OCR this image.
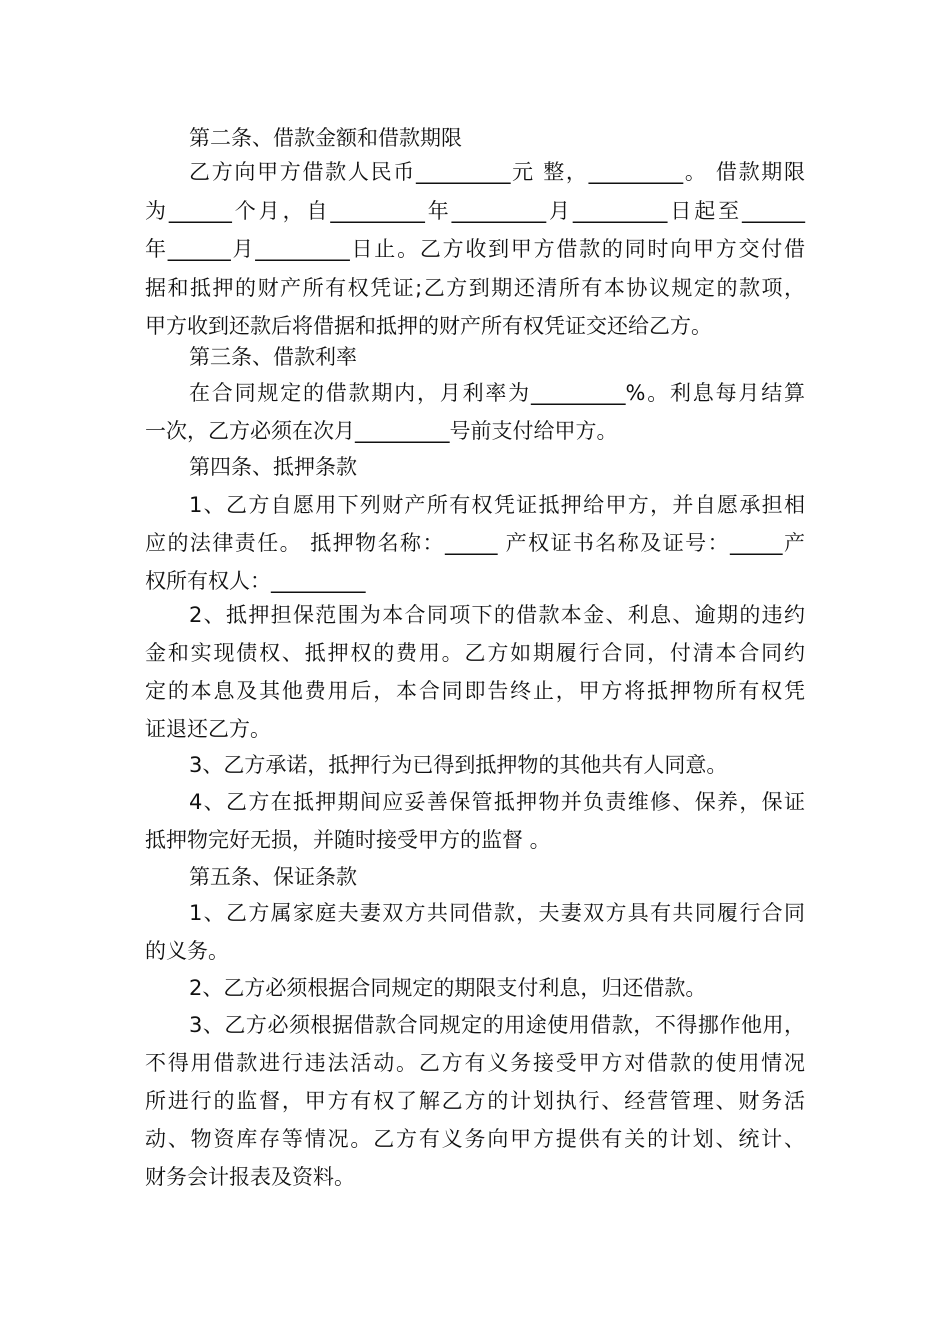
第二条、借款金额和借款期限
乙方向甲方借款人民币_________元 整，_________。 借款期限
为______个月，自_________年_________月_________日起至______
年______月_________日止。乙方收到甲方借款的同时向甲方交付借
据和抵押的财产所有权凭证;乙方到期还清所有本协议规定的款项，
甲方收到还款后将借据和抵押的财产所有权凭证交还给乙方。
第三条、借款利率
在合同规定的借款期内，月利率为_________%。利息每月结算
一次，乙方必须在次月_________号前支付给甲方。
第四条、抵押条款
1、乙方自愿用下列财产所有权凭证抵押给甲方，并自愿承担相
应的法律责任。 抵押物名称：_____ 产权证书名称及证号：_____产
权所有权人：_________
2、抵押担保范围为本合同项下的借款本金、利息、逾期的违约
金和实现债权、抵押权的费用。乙方如期履行合同，付清本合同约
定的本息及其他费用后，本合同即告终止，甲方将抵押物所有权凭
证退还乙方。
3、乙方承诺，抵押行为已得到抵押物的其他共有人同意。
4、乙方在抵押期间应妥善保管抵押物并负责维修、保养，保证
抵押物完好无损，并随时接受甲方的监督 。
第五条、保证条款
1、乙方属家庭夫妻双方共同借款，夫妻双方具有共同履行合同
的义务。
2、乙方必须根据合同规定的期限支付利息，归还借款。
3、乙方必须根据借款合同规定的用途使用借款，不得挪作他用，
不得用借款进行违法活动。乙方有义务接受甲方对借款的使用情况
所进行的监督，甲方有权了解乙方的计划执行、经营管理、财务活
动、物资库存等情况。乙方有义务向甲方提供有关的计划、统计、
财务会计报表及资料。
